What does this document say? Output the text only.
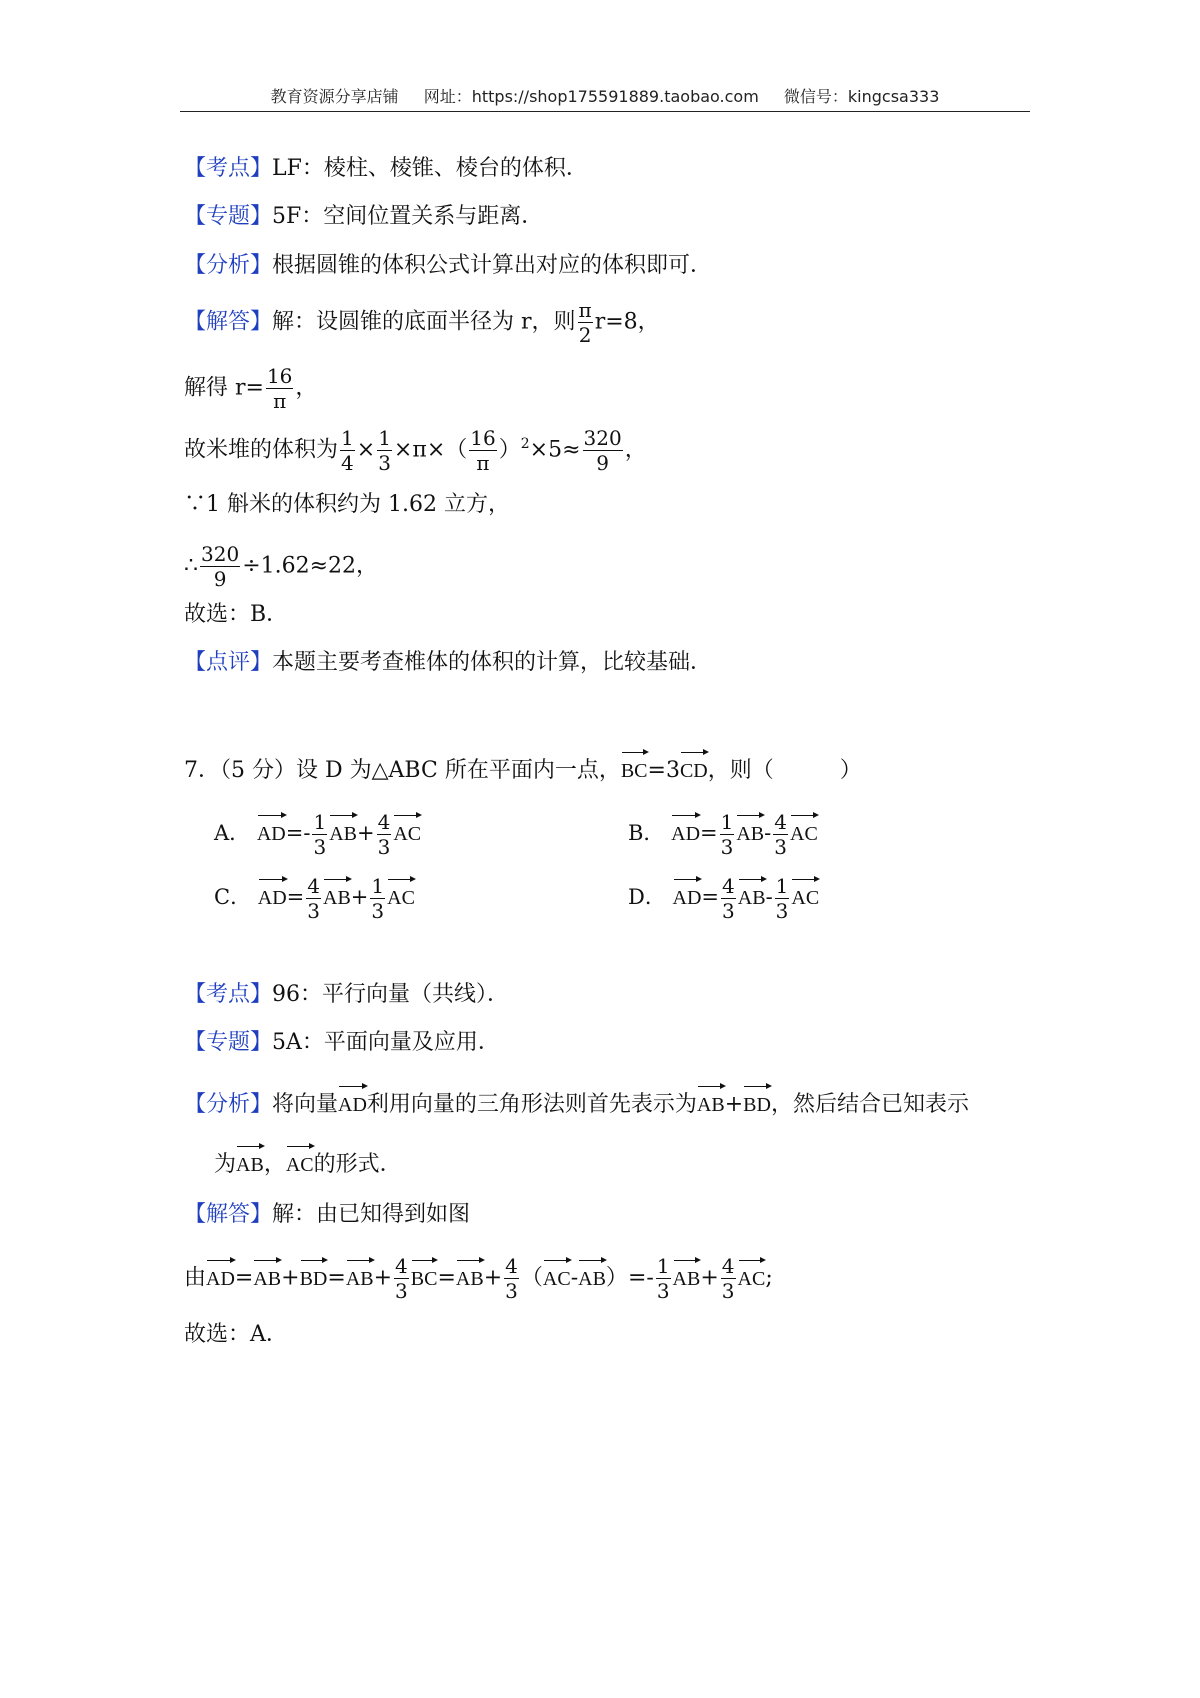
教育资源分享店铺 网址：https://shop175591889.taobao.com 微信号：kingcsa333
【考点】LF：棱柱、棱锥、棱台的体积．
【专题】5F：空间位置关系与距离．
【分析】根据圆锥的体积公式计算出对应的体积即可．
【解答】解：设圆锥的底面半径为 r，则 $\frac{\pi}{2} r=8$，
解得 $r= \frac{16}{\pi}$ ，
故米堆的体积为 $\frac{1}{4} \times \frac{1}{3} \times\pi\times( \frac{16}{\pi} )^2\times 5\approx \frac{320}{9}$ ，
∵1 斛米的体积约为 1.62 立方，
∴ $\frac{320}{9} \div 1.62\approx 22$，
故选：B．
【点评】本题主要考查椎体的体积的计算，比较基础．
7．（5 分）设 D 为△ABC 所在平面内一点，BC=3CD，则（　　　）
A． $AD=- \frac{1}{3} AB+ \frac{4}{3}$ AC	B． $AD= \frac{1}{3} AB- \frac{4}{3}$ AC
C． $AD= \frac{4}{3} AB+ \frac{1}{3}$ AC	D． $AD= \frac{4}{3} AB- \frac{1}{3}$ AC
【考点】96：平行向量（共线）．
【专题】5A：平面向量及应用．
【分析】将向量AD利用向量的三角形法则首先表示为AB+BD，然后结合已知表示
为AB，AC的形式．
【解答】解：由已知得到如图
由$AD=AB+BD=AB+ \frac{4}{3} BC=AB+ \frac{4}{3} (AC-AB)=- \frac{1}{3} AB+ \frac{4}{3}$ AC;
故选：A．
